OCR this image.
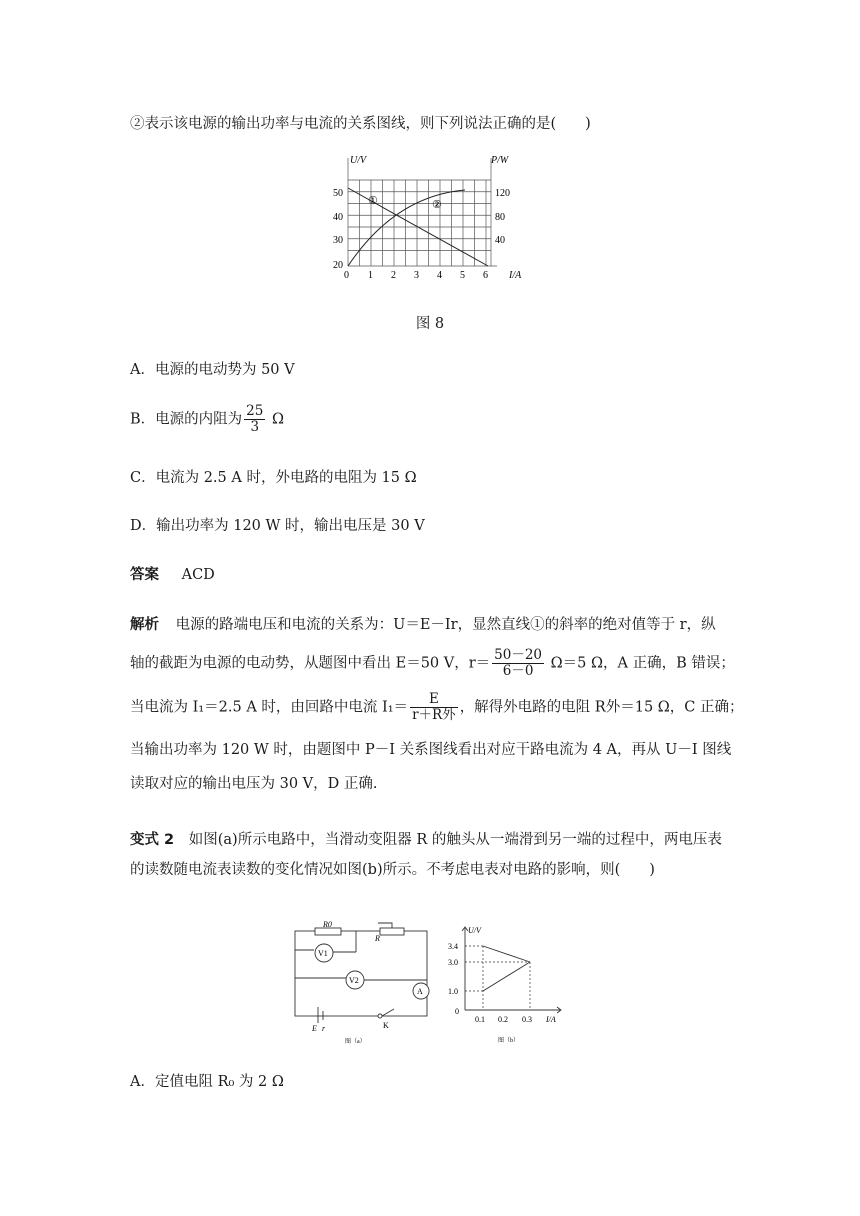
②表示该电源的输出功率与电流的关系图线，则下列说法正确的是(　　)
U/V	P/W
I/A
50
40
30
20
120
80
40
0 1 2 3 4 5 6
①	②
图 8
A．电源的电动势为 50 V
B．电源的内阻为 $\frac{25}{3}$ Ω
C．电流为 2.5 A 时，外电路的电阻为 15 Ω
D．输出功率为 120 W 时，输出电压是 30 V
答案 ACD
解析 电源的路端电压和电流的关系为：U＝E－Ir，显然直线①的斜率的绝对值等于 r，纵
轴的截距为电源的电动势，从题图中看出 E＝50 V，$r= \frac{50-20}{6-0} \Omega=5$ Ω，A 正确，B 错误；
当电流为 I₁＝2.5 A 时，由回路中电流 $I_1= \frac{E}{\text{r＋R外}}$ ，解得外电路的电阻 R外＝15 Ω，C 正确；
当输出功率为 120 W 时，由题图中 P－I 关系图线看出对应干路电流为 4 A，再从 U－I 图线
读取对应的输出电压为 30 V，D 正确.
变式 2 如图(a)所示电路中，当滑动变阻器 R 的触头从一端滑到另一端的过程中，两电压表
的读数随电流表读数的变化情况如图(b)所示。不考虑电表对电路的影响，则(　　)
R0
R
V1
V2
A
E r	K
图（a）
U/V
I/A
3.4
3.0
1.0
0
0.1 0.2 0.3
图（b）
A．定值电阻 R₀ 为 2 Ω
